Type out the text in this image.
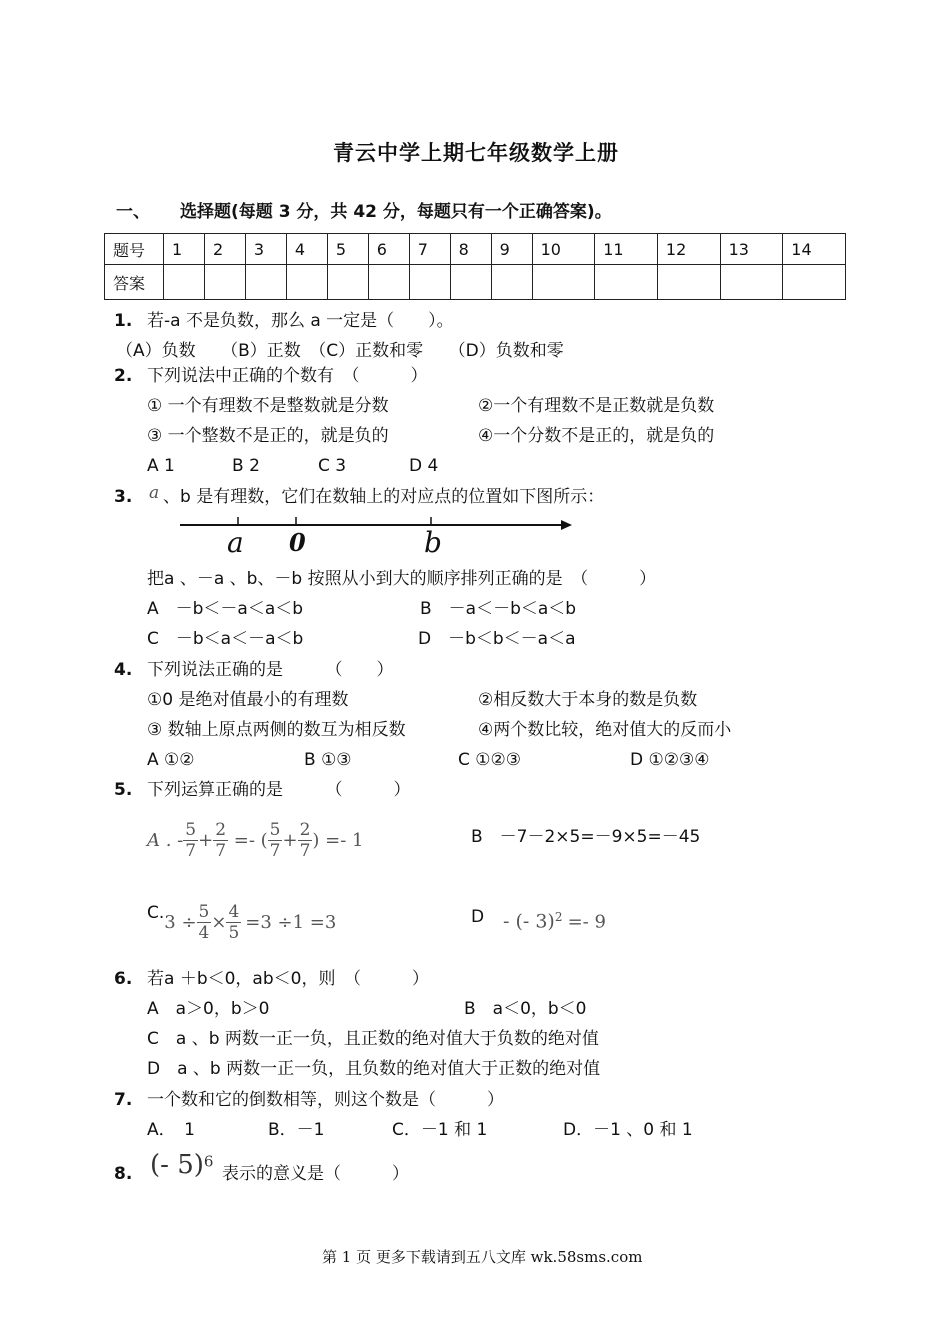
青云中学上期七年级数学上册
一、 选择题(每题 3 分，共 42 分，每题只有一个正确答案)。
题号	1	2	3	4	5	6	7	8	9	10	11	12	13	14
答案														
1. 若-a 不是负数，那么 a 一定是（　　）。
（A）负数　　（B）正数　（C）正数和零　　（D）负数和零
2. 下列说法中正确的个数有　（　　　）
① 一个有理数不是整数就是分数	②一个有理数不是正数就是负数
③ 一个整数不是正的，就是负的	④一个分数不是正的，就是负的
A 1	B 2	C 3	D 4
3. a 、b 是有理数，它们在数轴上的对应点的位置如下图所示：
a 0	b
把a 、－a 、b、－b 按照从小到大的顺序排列正确的是　（　　　）
A　－b＜－a＜a＜b	B　－a＜－b＜a＜b
C　－b＜a＜－a＜b	D　－b＜b＜－a＜a
4. 下列说法正确的是　　　（　　）
①0 是绝对值最小的有理数	②相反数大于本身的数是负数
③ 数轴上原点两侧的数互为相反数	④两个数比较，绝对值大的反而小
A ①②	B ①③	C ①②③	D ①②③④
5. 下列运算正确的是　　　（　　　）
A . - $\frac{5}{7} + \frac{2}{7}$ =- ( $\frac{5}{7} + \frac{2}{7}$ ) =- 1	B　－7－2×5=－9×5=－45
C. $3 \div \frac{5}{4} \times \frac{4}{5} =3 \div 1 =3$	D - (- 3)$^2$ =- 9
6. 若a ＋b＜0，ab＜0，则　（　　　）
A　a＞0，b＞0	B　a＜0，b＜0
C　a 、b 两数一正一负，且正数的绝对值大于负数的绝对值
D　a 、b 两数一正一负，且负数的绝对值大于正数的绝对值
7. 一个数和它的倒数相等，则这个数是（　　　）
A．　1	B．－1	C．－1 和 1	D．－1 、0 和 1
8. (- 5)$^6$
表示的意义是（　　　）
第 1 页 更多下载请到五八文库 wk.58sms.com
